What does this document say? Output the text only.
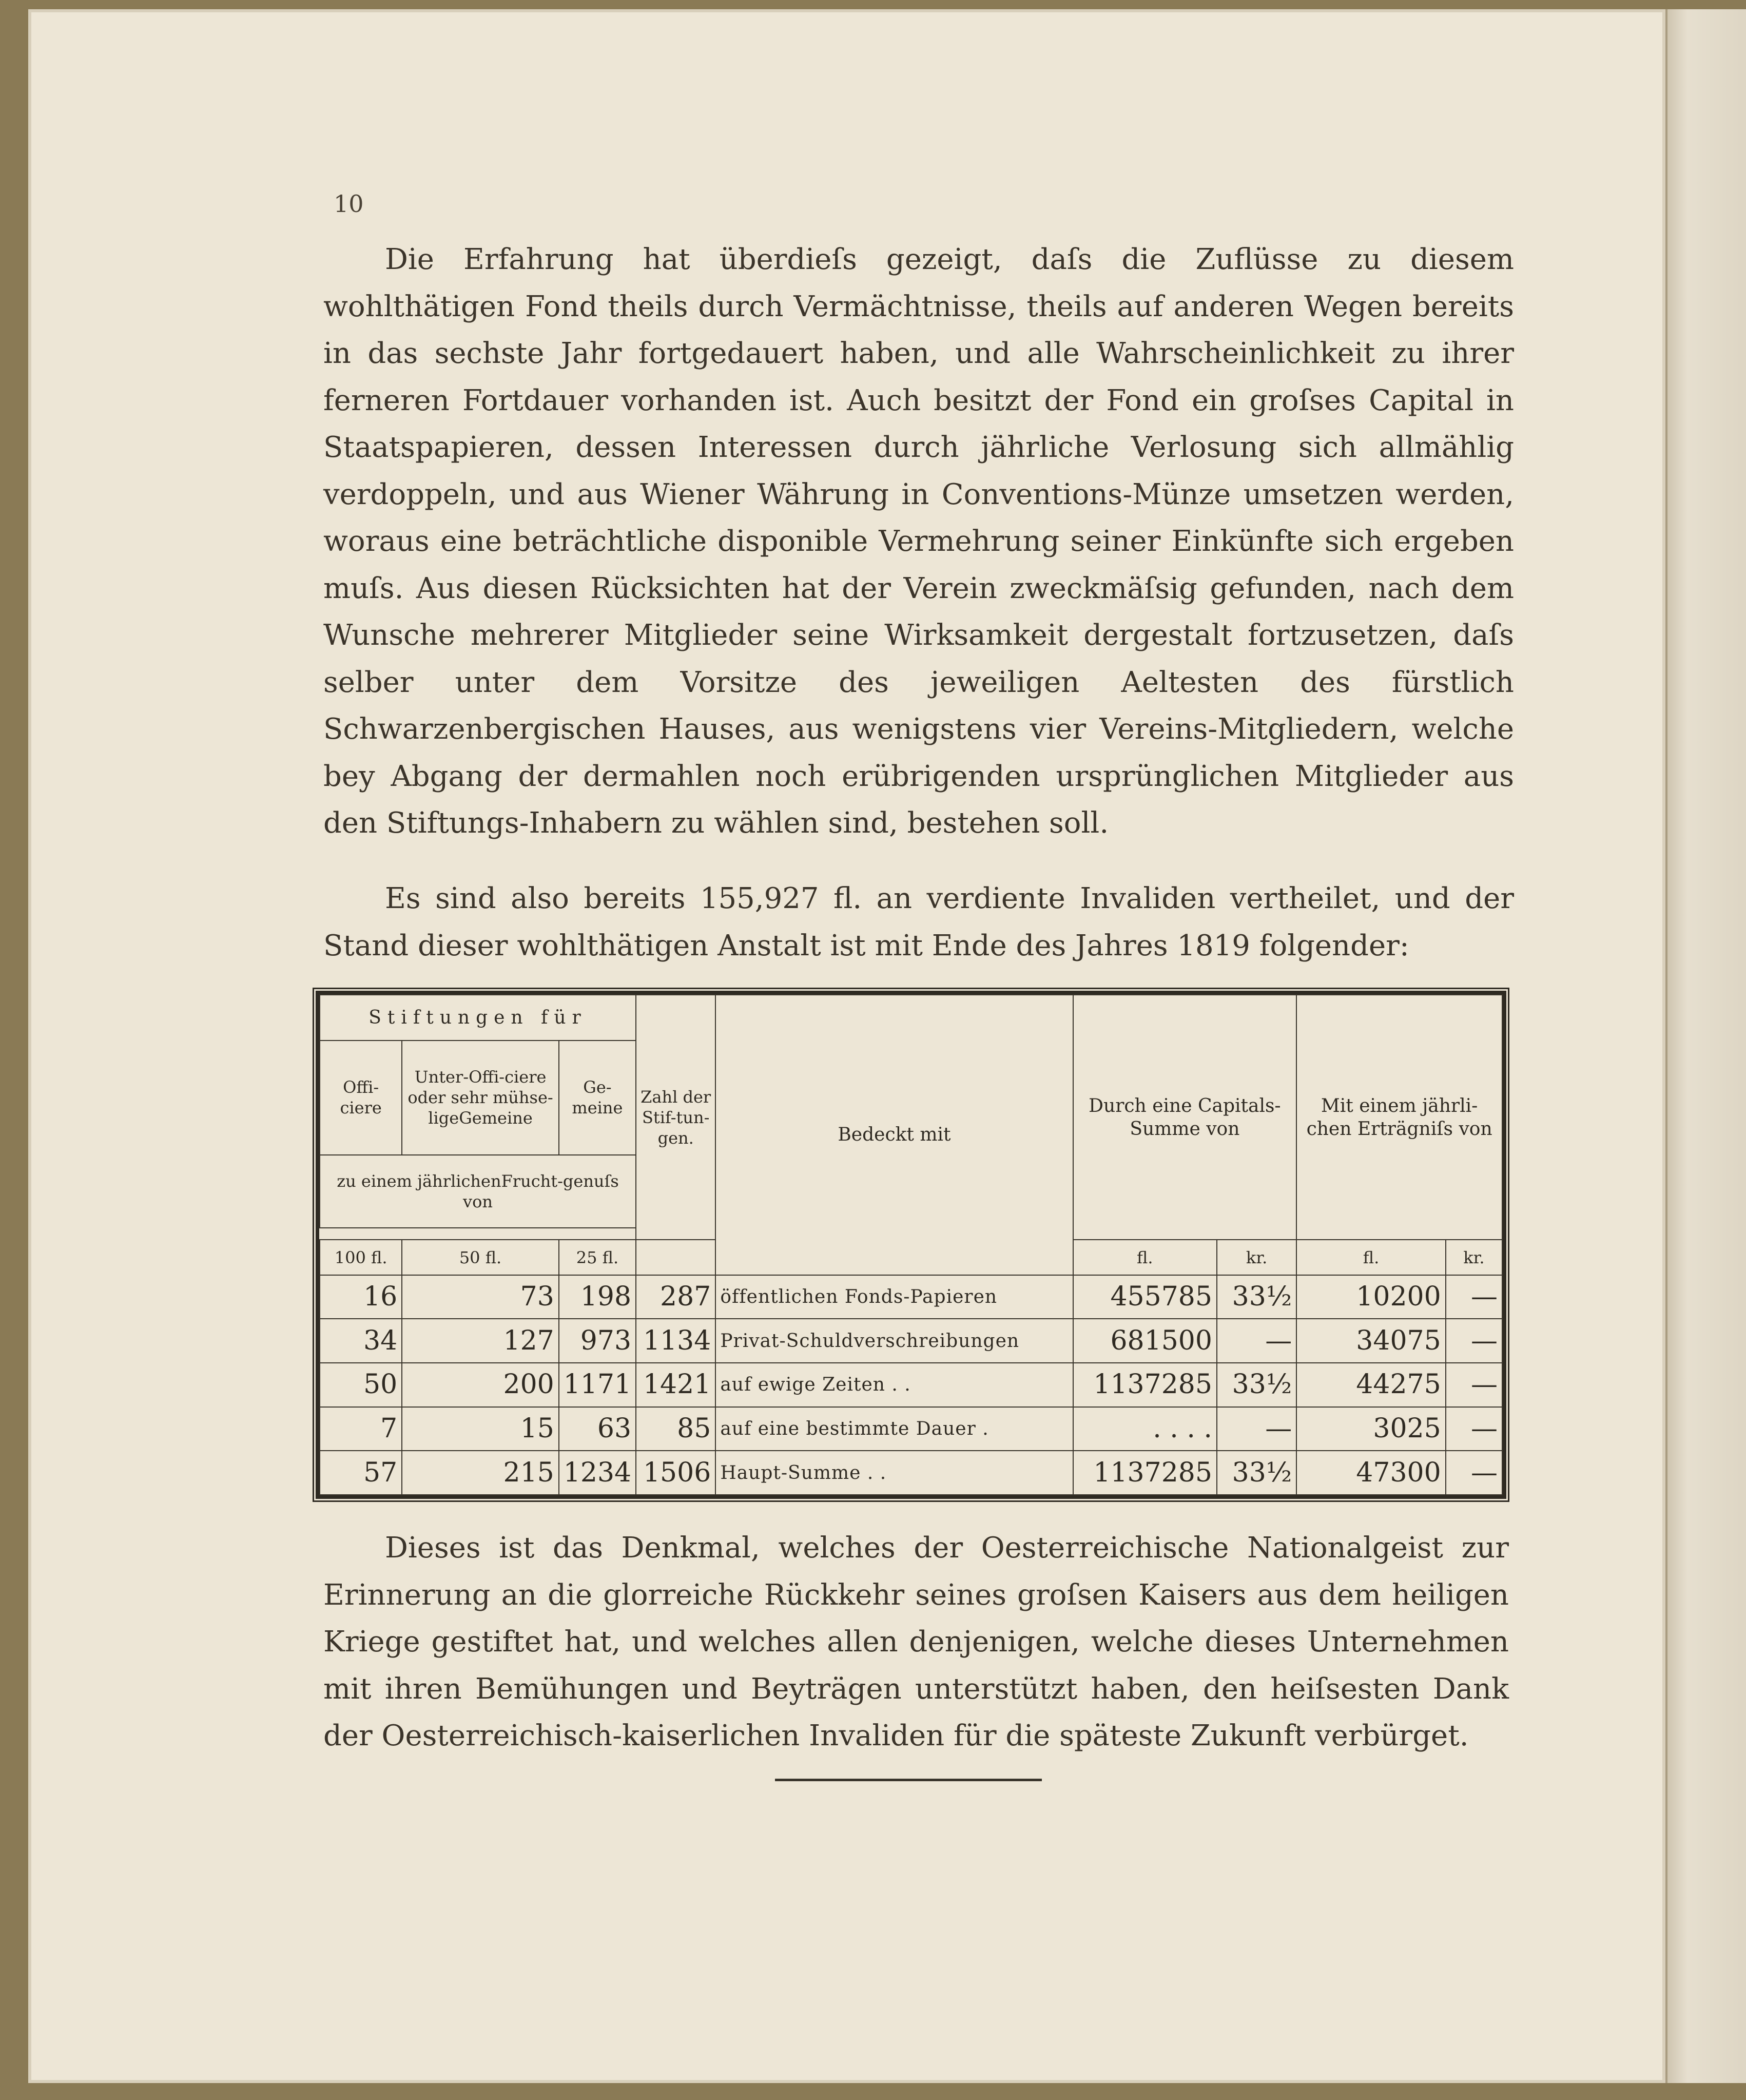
10

Die Erfahrung hat überdieſs gezeigt, daſs die Zuflüsse zu diesem wohlthätigen Fond theils durch Vermächtnisse, theils auf anderen Wegen bereits in das sechste Jahr fortgedauert haben, und alle Wahrscheinlichkeit zu ihrer ferneren Fortdauer vorhanden ist. Auch besitzt der Fond ein groſses Capital in Staatspapieren, dessen Interessen durch jährliche Verlosung sich allmählig verdoppeln, und aus Wiener Währung in Conventions-Münze umsetzen werden, woraus eine beträchtliche disponible Vermehrung seiner Einkünfte sich ergeben muſs. Aus diesen Rücksichten hat der Verein zweckmäſsig gefunden, nach dem Wunsche mehrerer Mitglieder seine Wirksamkeit dergestalt fortzusetzen, daſs selber unter dem Vorsitze des jeweiligen Aeltesten des fürstlich Schwarzenbergischen Hauses, aus wenigstens vier Vereins-Mitgliedern, welche bey Abgang der dermahlen noch erübrigenden ursprünglichen Mitglieder aus den Stiftungs-Inhabern zu wählen sind, bestehen soll.

Es sind also bereits 155,927 fl. an verdiente Invaliden vertheilet, und der Stand dieser wohlthätigen Anstalt ist mit Ende des Jahres 1819 folgender:

Stiftungen für			Zahl der Stif-tun-gen.	Bedeckt mit	Durch eine Capitals-Summe von		Mit einem jährli-chen Erträgniſs von	
Offi-ciere	Unter-Offi-ciere oder sehr mühse-ligeGemeine	Ge-meine						
zu einem jährlichenFrucht-genuſs von								

100 fl.	50 fl.	25 fl.			fl.	kr.	fl.	kr.
16	73	198	287	öffentlichen Fonds-Papieren	455785	33½	10200	—
34	127	973	1134	Privat-Schuldverschreibungen	681500	—	34075	—
50	200	1171	1421	auf ewige Zeiten . .	1137285	33½	44275	—
7	15	63	85	auf eine bestimmte Dauer .	. . . .	—	3025	—
57	215	1234	1506	Haupt-Summe . .	1137285	33½	47300	—

Dieses ist das Denkmal, welches der Oesterreichische Nationalgeist zur Erinnerung an die glorreiche Rückkehr seines groſsen Kaisers aus dem heiligen Kriege gestiftet hat, und welches allen denjenigen, welche dieses Unternehmen mit ihren Bemühungen und Beyträgen unterstützt haben, den heiſsesten Dank der Oesterreichisch-kaiserlichen Invaliden für die späteste Zukunft verbürget.
